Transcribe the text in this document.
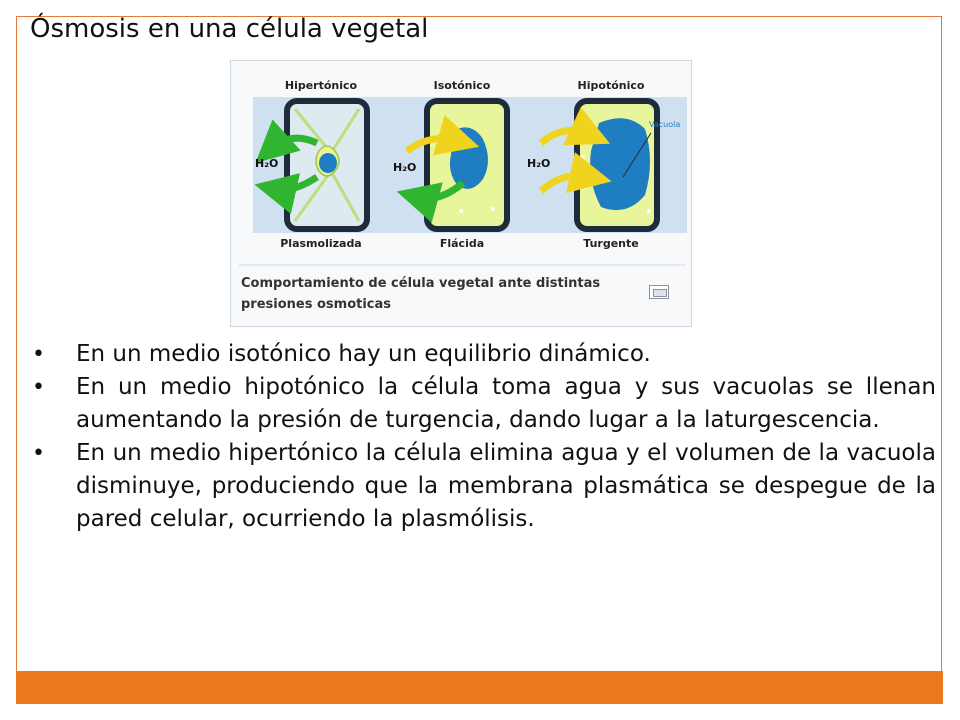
Ósmosis en una célula vegetal
Hipertónico	Isotónico	Hipotónico
H₂O	H₂O	H₂O
Vacuola
Plasmolizada	Flácida	Turgente
Comportamiento de célula vegetal ante distintas presiones osmoticas
• En un medio isotónico hay un equilibrio dinámico.
• En un medio hipotónico la célula toma agua y sus vacuolas se llenan aumentando la presión de turgencia, dando lugar a la laturgescencia.
• En un medio hipertónico la célula elimina agua y el volumen de la vacuola disminuye, produciendo que la membrana plasmática se despegue de la pared celular, ocurriendo la plasmólisis.
